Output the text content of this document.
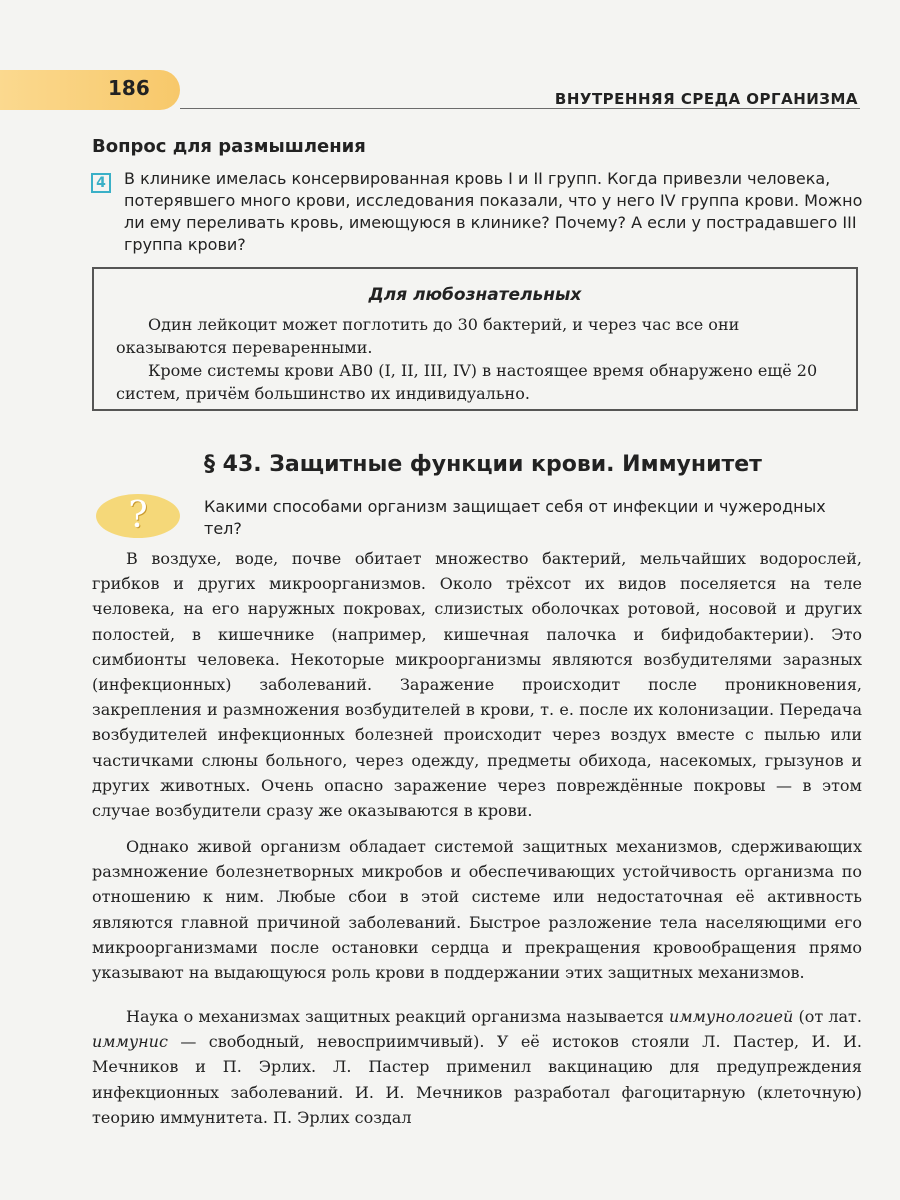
186	ВНУТРЕННЯЯ СРЕДА ОРГАНИЗМА
Вопрос для размышления
4	В клинике имелась консервированная кровь I и II групп. Когда привезли человека, потерявшего много крови, исследования показали, что у него IV группа крови. Можно ли ему переливать кровь, имеющуюся в клинике? Почему? А если у пострадавшего III группа крови?
Для любознательных
Один лейкоцит может поглотить до 30 бактерий, и через час все они оказываются переваренными.
Кроме системы крови АВ0 (I, II, III, IV) в настоящее время обнаружено ещё 20 систем, причём большинство их индивидуально.
§ 43. Защитные функции крови. Иммунитет
?	Какими способами организм защищает себя от инфекции и чужеродных тел?
В воздухе, воде, почве обитает множество бактерий, мельчайших водорослей, грибков и других микроорганизмов. Около трёхсот их видов поселяется на теле человека, на его наружных покровах, слизистых оболочках ротовой, носовой и других полостей, в кишечнике (например, кишечная палочка и бифидобактерии). Это симбионты человека. Некоторые микроорганизмы являются возбудителями заразных (инфекционных) заболеваний. Заражение происходит после проникновения, закрепления и размножения возбудителей в крови, т. е. после их колонизации. Передача возбудителей инфекционных болезней происходит через воздух вместе с пылью или частичками слюны больного, через одежду, предметы обихода, насекомых, грызунов и других животных. Очень опасно заражение через повреждённые покровы — в этом случае возбудители сразу же оказываются в крови.
Однако живой организм обладает системой защитных механизмов, сдерживающих размножение болезнетворных микробов и обеспечивающих устойчивость организма по отношению к ним. Любые сбои в этой системе или недостаточная её активность являются главной причиной заболеваний. Быстрое разложение тела населяющими его микроорганизмами после остановки сердца и прекращения кровообращения прямо указывают на выдающуюся роль крови в поддержании этих защитных механизмов.
Наука о механизмах защитных реакций организма называется иммунологией (от лат. иммунис — свободный, невосприимчивый). У её истоков стояли Л. Пастер, И. И. Мечников и П. Эрлих. Л. Пастер применил вакцинацию для предупреждения инфекционных заболеваний. И. И. Мечников разработал фагоцитарную (клеточную) теорию иммунитета. П. Эрлих создал
